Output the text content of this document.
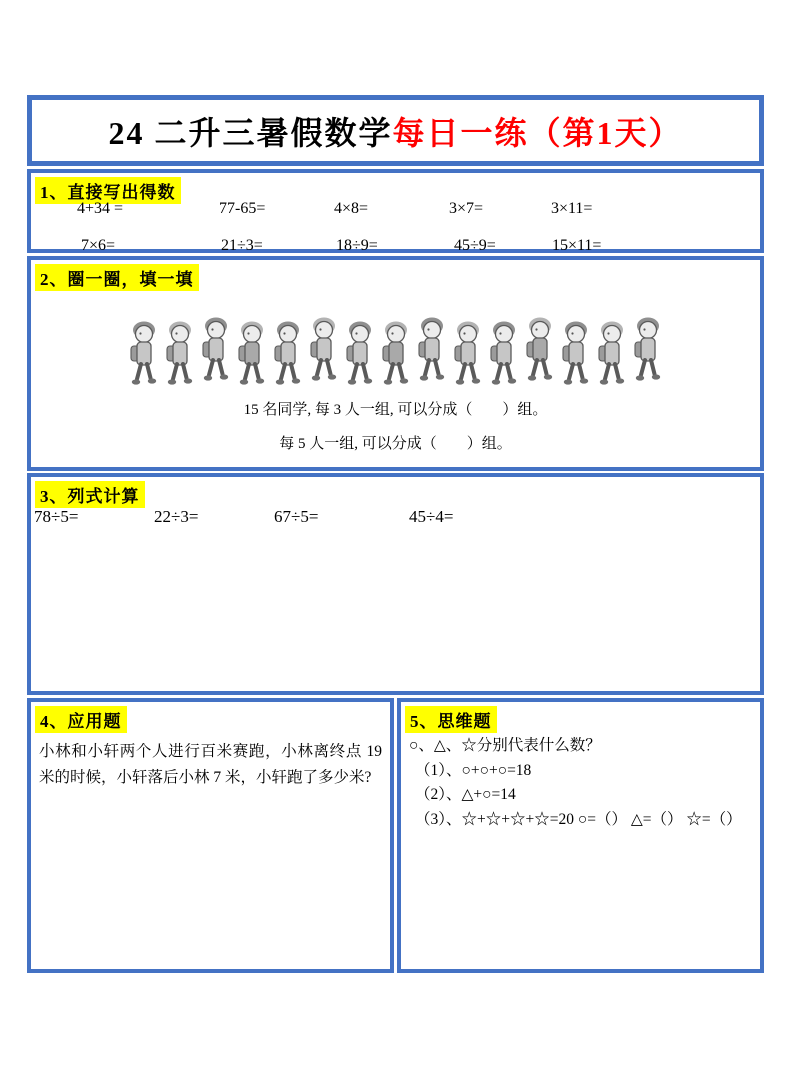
24 二升三暑假数学每日一练（第1天）
1、直接写出得数
4+34 =	77-65=	4×8=	3×7=	3×11=
7×6=	21÷3=	18÷9=	45÷9=	15×11=
2、圈一圈，填一填
15 名同学, 每 3 人一组, 可以分成（　　）组。
每 5 人一组, 可以分成（　　）组。
3、列式计算
78÷5=	22÷3=	67÷5=	45÷4=
4、应用题

小林和小轩两个人进行百米赛跑，小林离终点 19 米的时候，小轩落后小林 7 米，小轩跑了多少米?

5、思维题
○、△、☆分别代表什么数？
（1）、○+○+○=18
（2）、△+○=14
（3）、☆+☆+☆+☆=20 ○=（） △=（） ☆=（）
